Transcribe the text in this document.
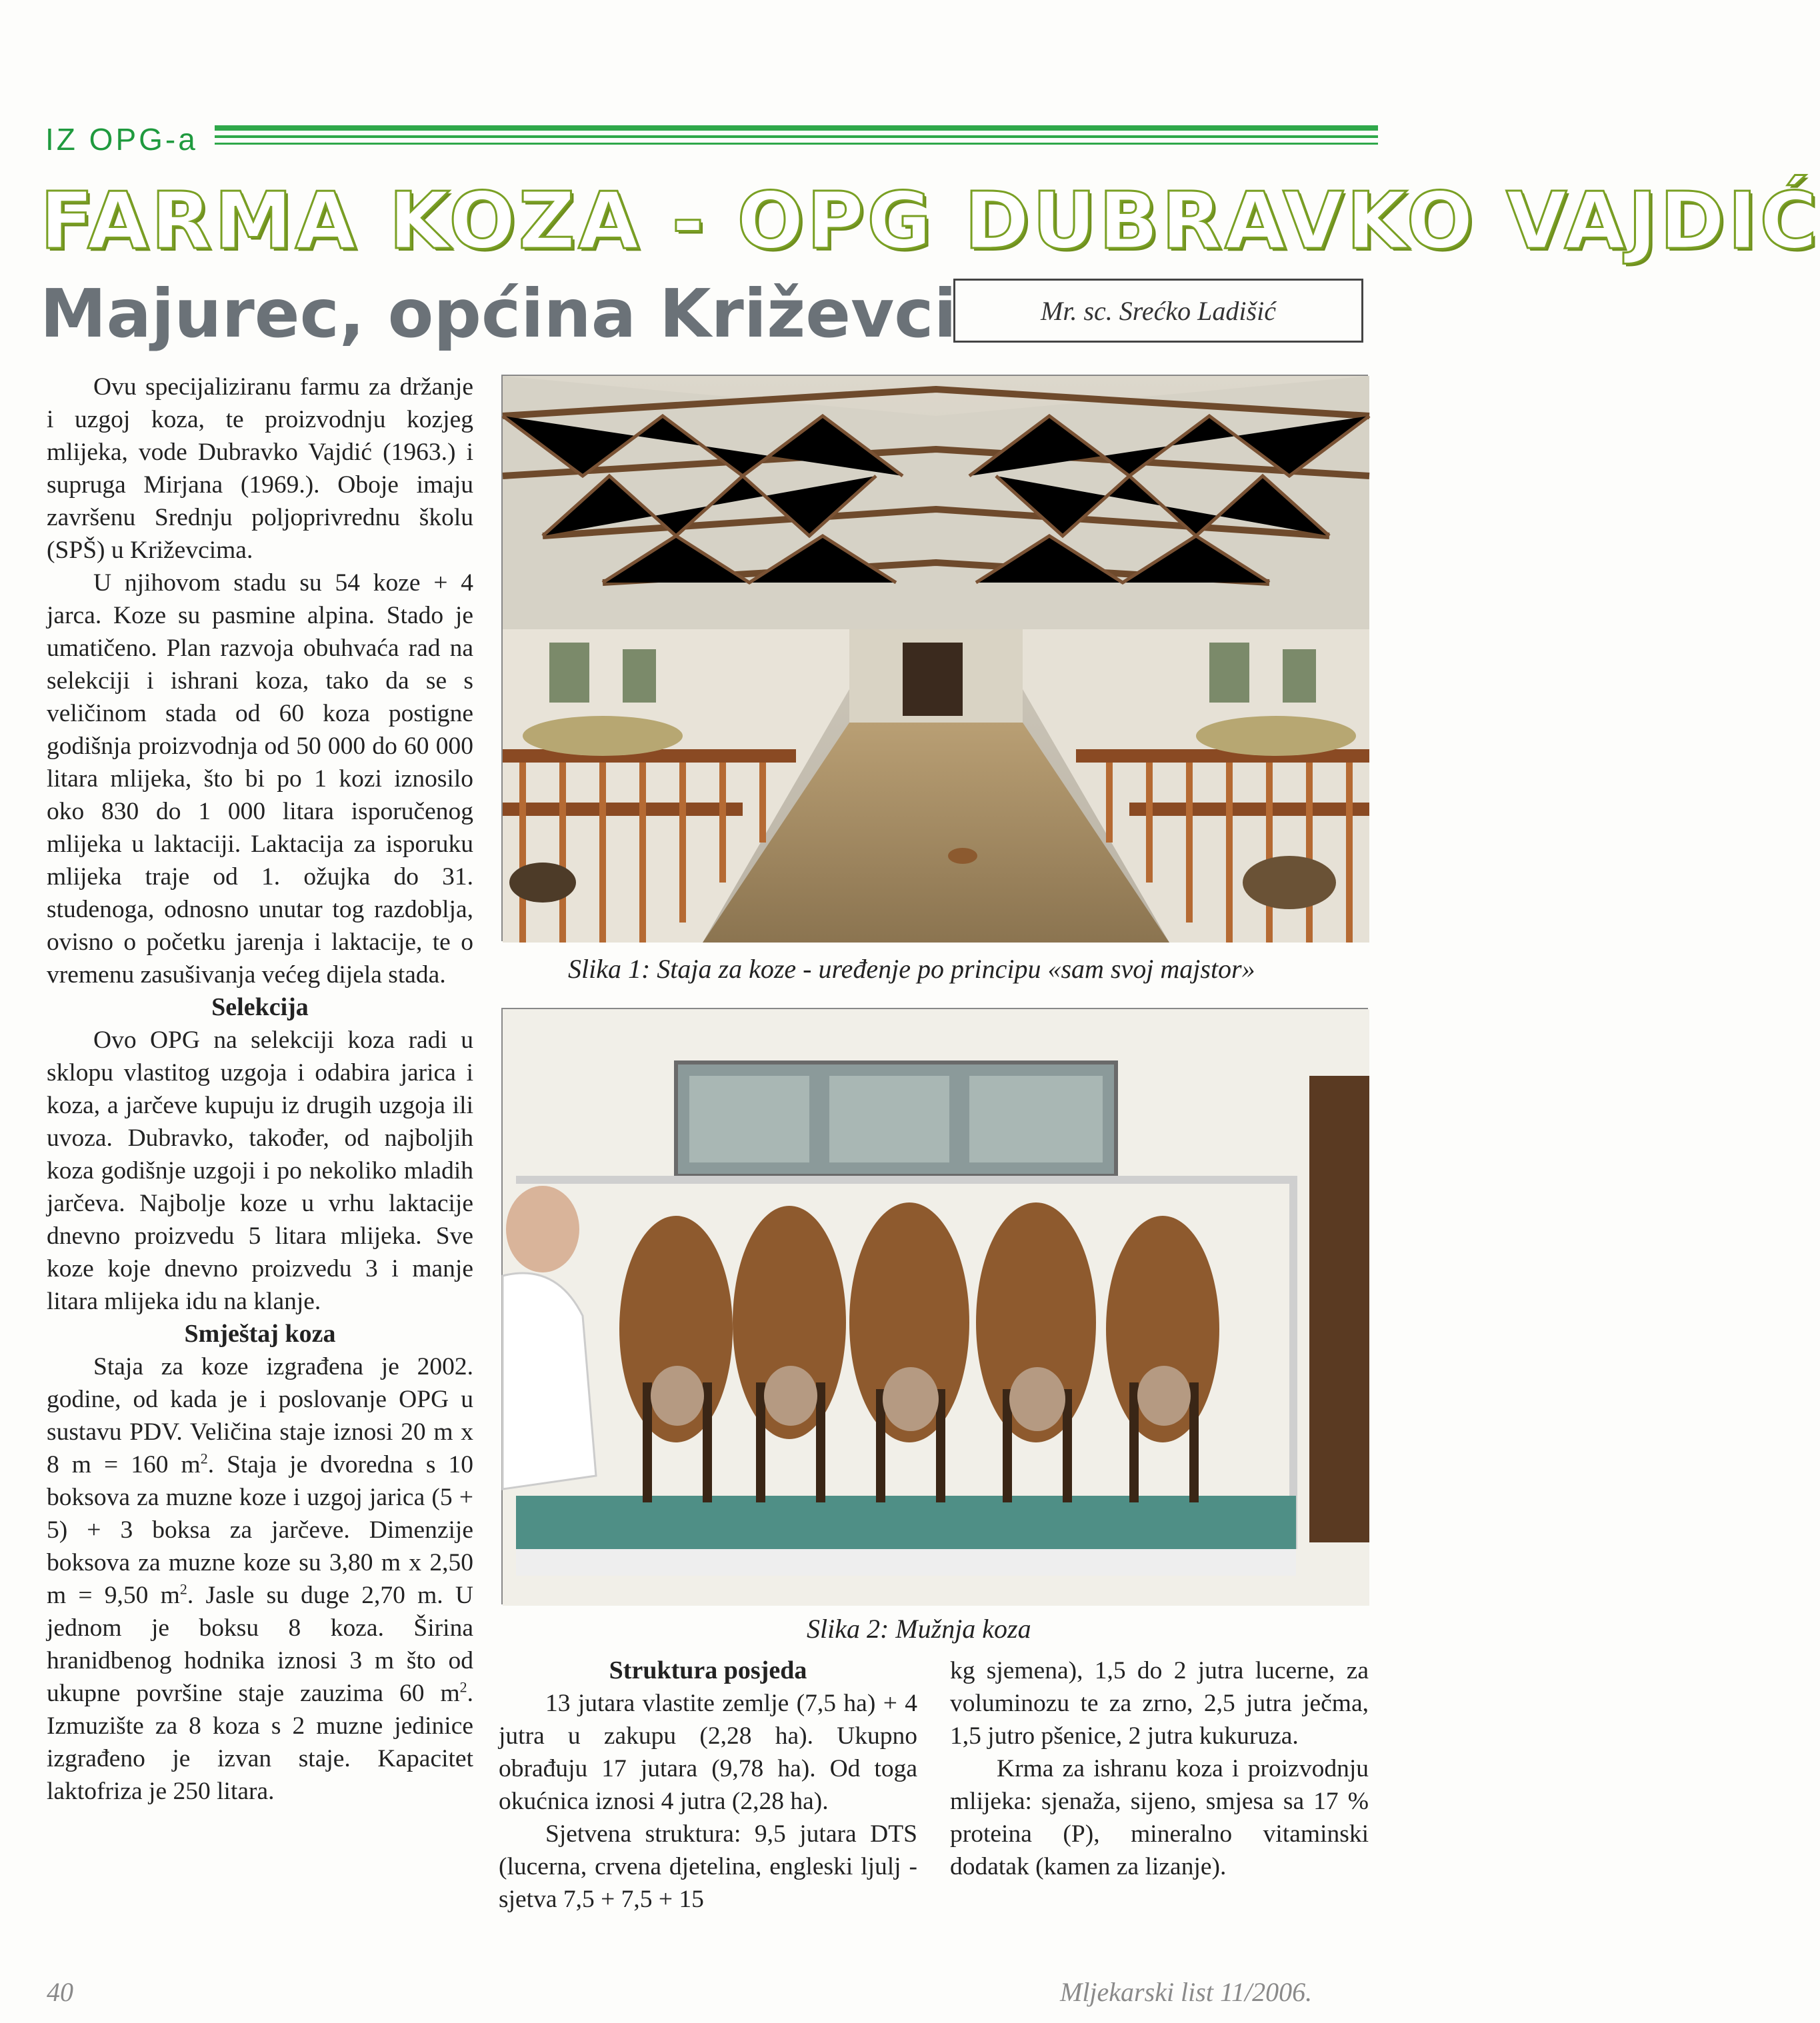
IZ OPG-a
FARMA KOZA - OPG DUBRAVKO VAJDIĆ
Majurec, općina Križevci	Mr. sc. Srećko Ladišić

Ovu specijaliziranu farmu za držanje i uzgoj koza, te proizvodnju kozjeg mlijeka, vode Dubravko Vajdić (1963.) i supruga Mirjana (1969.). Oboje imaju završenu Srednju poljoprivrednu školu (SPŠ) u Križevcima.

U njihovom stadu su 54 koze + 4 jarca. Koze su pasmine alpina. Stado je umatičeno. Plan razvoja obuhvaća rad na selekciji i ishrani koza, tako da se s veličinom stada od 60 koza postigne godišnja proizvodnja od 50 000 do 60 000 litara mlijeka, što bi po 1 kozi iznosilo oko 830 do 1 000 litara isporučenog mlijeka u laktaciji. Laktacija za isporuku mlijeka traje od 1. ožujka do 31. studenoga, odnosno unutar tog razdoblja, ovisno o početku jarenja i laktacije, te o vremenu zasušivanja većeg dijela stada.

Selekcija

Ovo OPG na selekciji koza radi u sklopu vlastitog uzgoja i odabira jarica i koza, a jarčeve kupuju iz drugih uzgoja ili uvoza. Dubravko, također, od najboljih koza godišnje uzgoji i po nekoliko mladih jarčeva. Najbolje koze u vrhu laktacije dnevno proizvedu 5 litara mlijeka. Sve koze koje dnevno proizvedu 3 i manje litara mlijeka idu na klanje.

Smještaj koza

Staja za koze izgrađena je 2002. godine, od kada je i poslovanje OPG u sustavu PDV. Veličina staje iznosi 20 m x 8 m = 160 $m^2$. Staja je dvoredna s 10 boksova za muzne koze i uzgoj jarica (5 + 5) + 3 boksa za jarčeve. Dimenzije boksova za muzne koze su 3,80 m x 2,50 m = 9,50 $m^2$. Jasle su duge 2,70 m. U jednom je boksu 8 koza. Širina hranidbenog hodnika iznosi 3 m što od ukupne površine staje zauzima 60 $m^2$. Izmuzište za 8 koza s 2 muzne jedinice izgrađeno je izvan staje. Kapacitet laktofriza je 250 litara.

Slika 1: Staja za koze - uređenje po principu «sam svoj majstor»
Slika 2: Mužnja koza
Struktura posjeda

13 jutara vlastite zemlje (7,5 ha) + 4 jutra u zakupu (2,28 ha). Ukupno obrađuju 17 jutara (9,78 ha). Od toga okućnica iznosi 4 jutra (2,28 ha).

Sjetvena struktura: 9,5 jutara DTS (lucerna, crvena djetelina, engleski ljulj - sjetva 7,5 + 7,5 + 15

kg sjemena), 1,5 do 2 jutra lucerne, za voluminozu te za zrno, 2,5 jutra ječma, 1,5 jutro pšenice, 2 jutra kukuruza.

Krma za ishranu koza i proizvodnju mlijeka: sjenaža, sijeno, smjesa sa 17 % proteina (P), mineralno vitaminski dodatak (kamen za lizanje).

40	Mljekarski list 11/2006.
